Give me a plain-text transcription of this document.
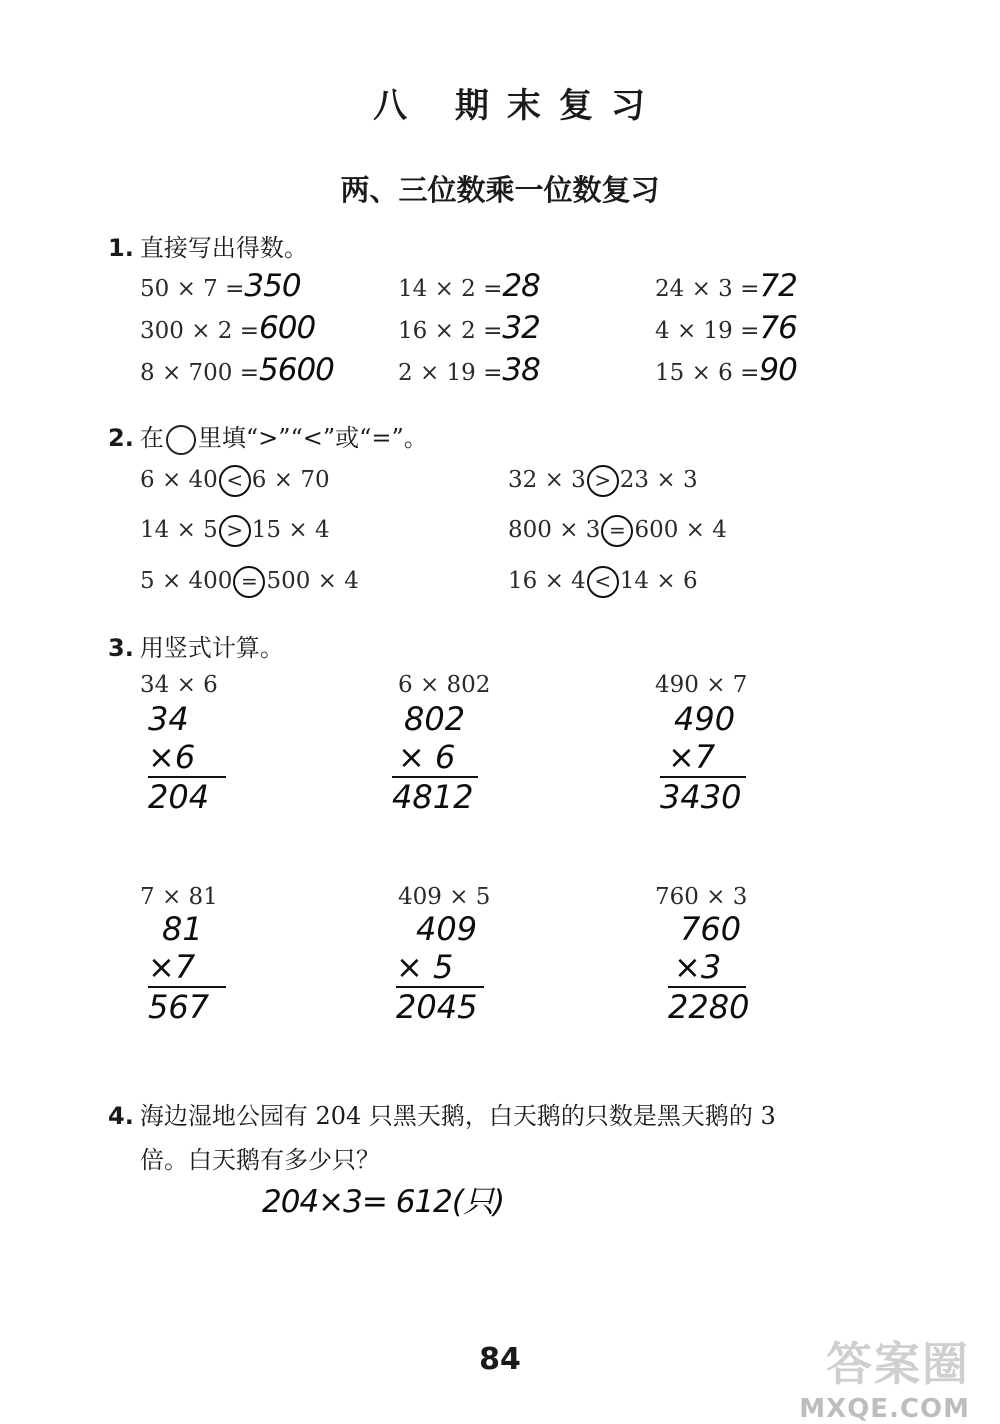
八 期末复习
两、三位数乘一位数复习
1. 直接写出得数。
50 × 7 =350	14 × 2 =28	24 × 3 =72
300 × 2 =600	16 × 2 =32	4 × 19 =76
8 × 700 =5600	2 × 19 =38	15 × 6 =90
2. 在 里填“>”“<”或“=”。
6 × 40 < 6 × 70	32 × 3 > 23 × 3
14 × 5 > 15 × 4	800 × 3 = 600 × 4
5 × 400 = 500 × 4	16 × 4 < 14 × 6
3. 用竖式计算。
34 × 6	6 × 802	490 × 7
34
×6
204
802
× 6
4812
490
×7
3430
7 × 81	409 × 5	760 × 3
81
×7
567
409
× 5
2045
760
×3
2280
4. 海边湿地公园有 204 只黑天鹅，白天鹅的只数是黑天鹅的 3
倍。白天鹅有多少只？
204×3= 612(只)
84	答案圈
MXQE.COM
